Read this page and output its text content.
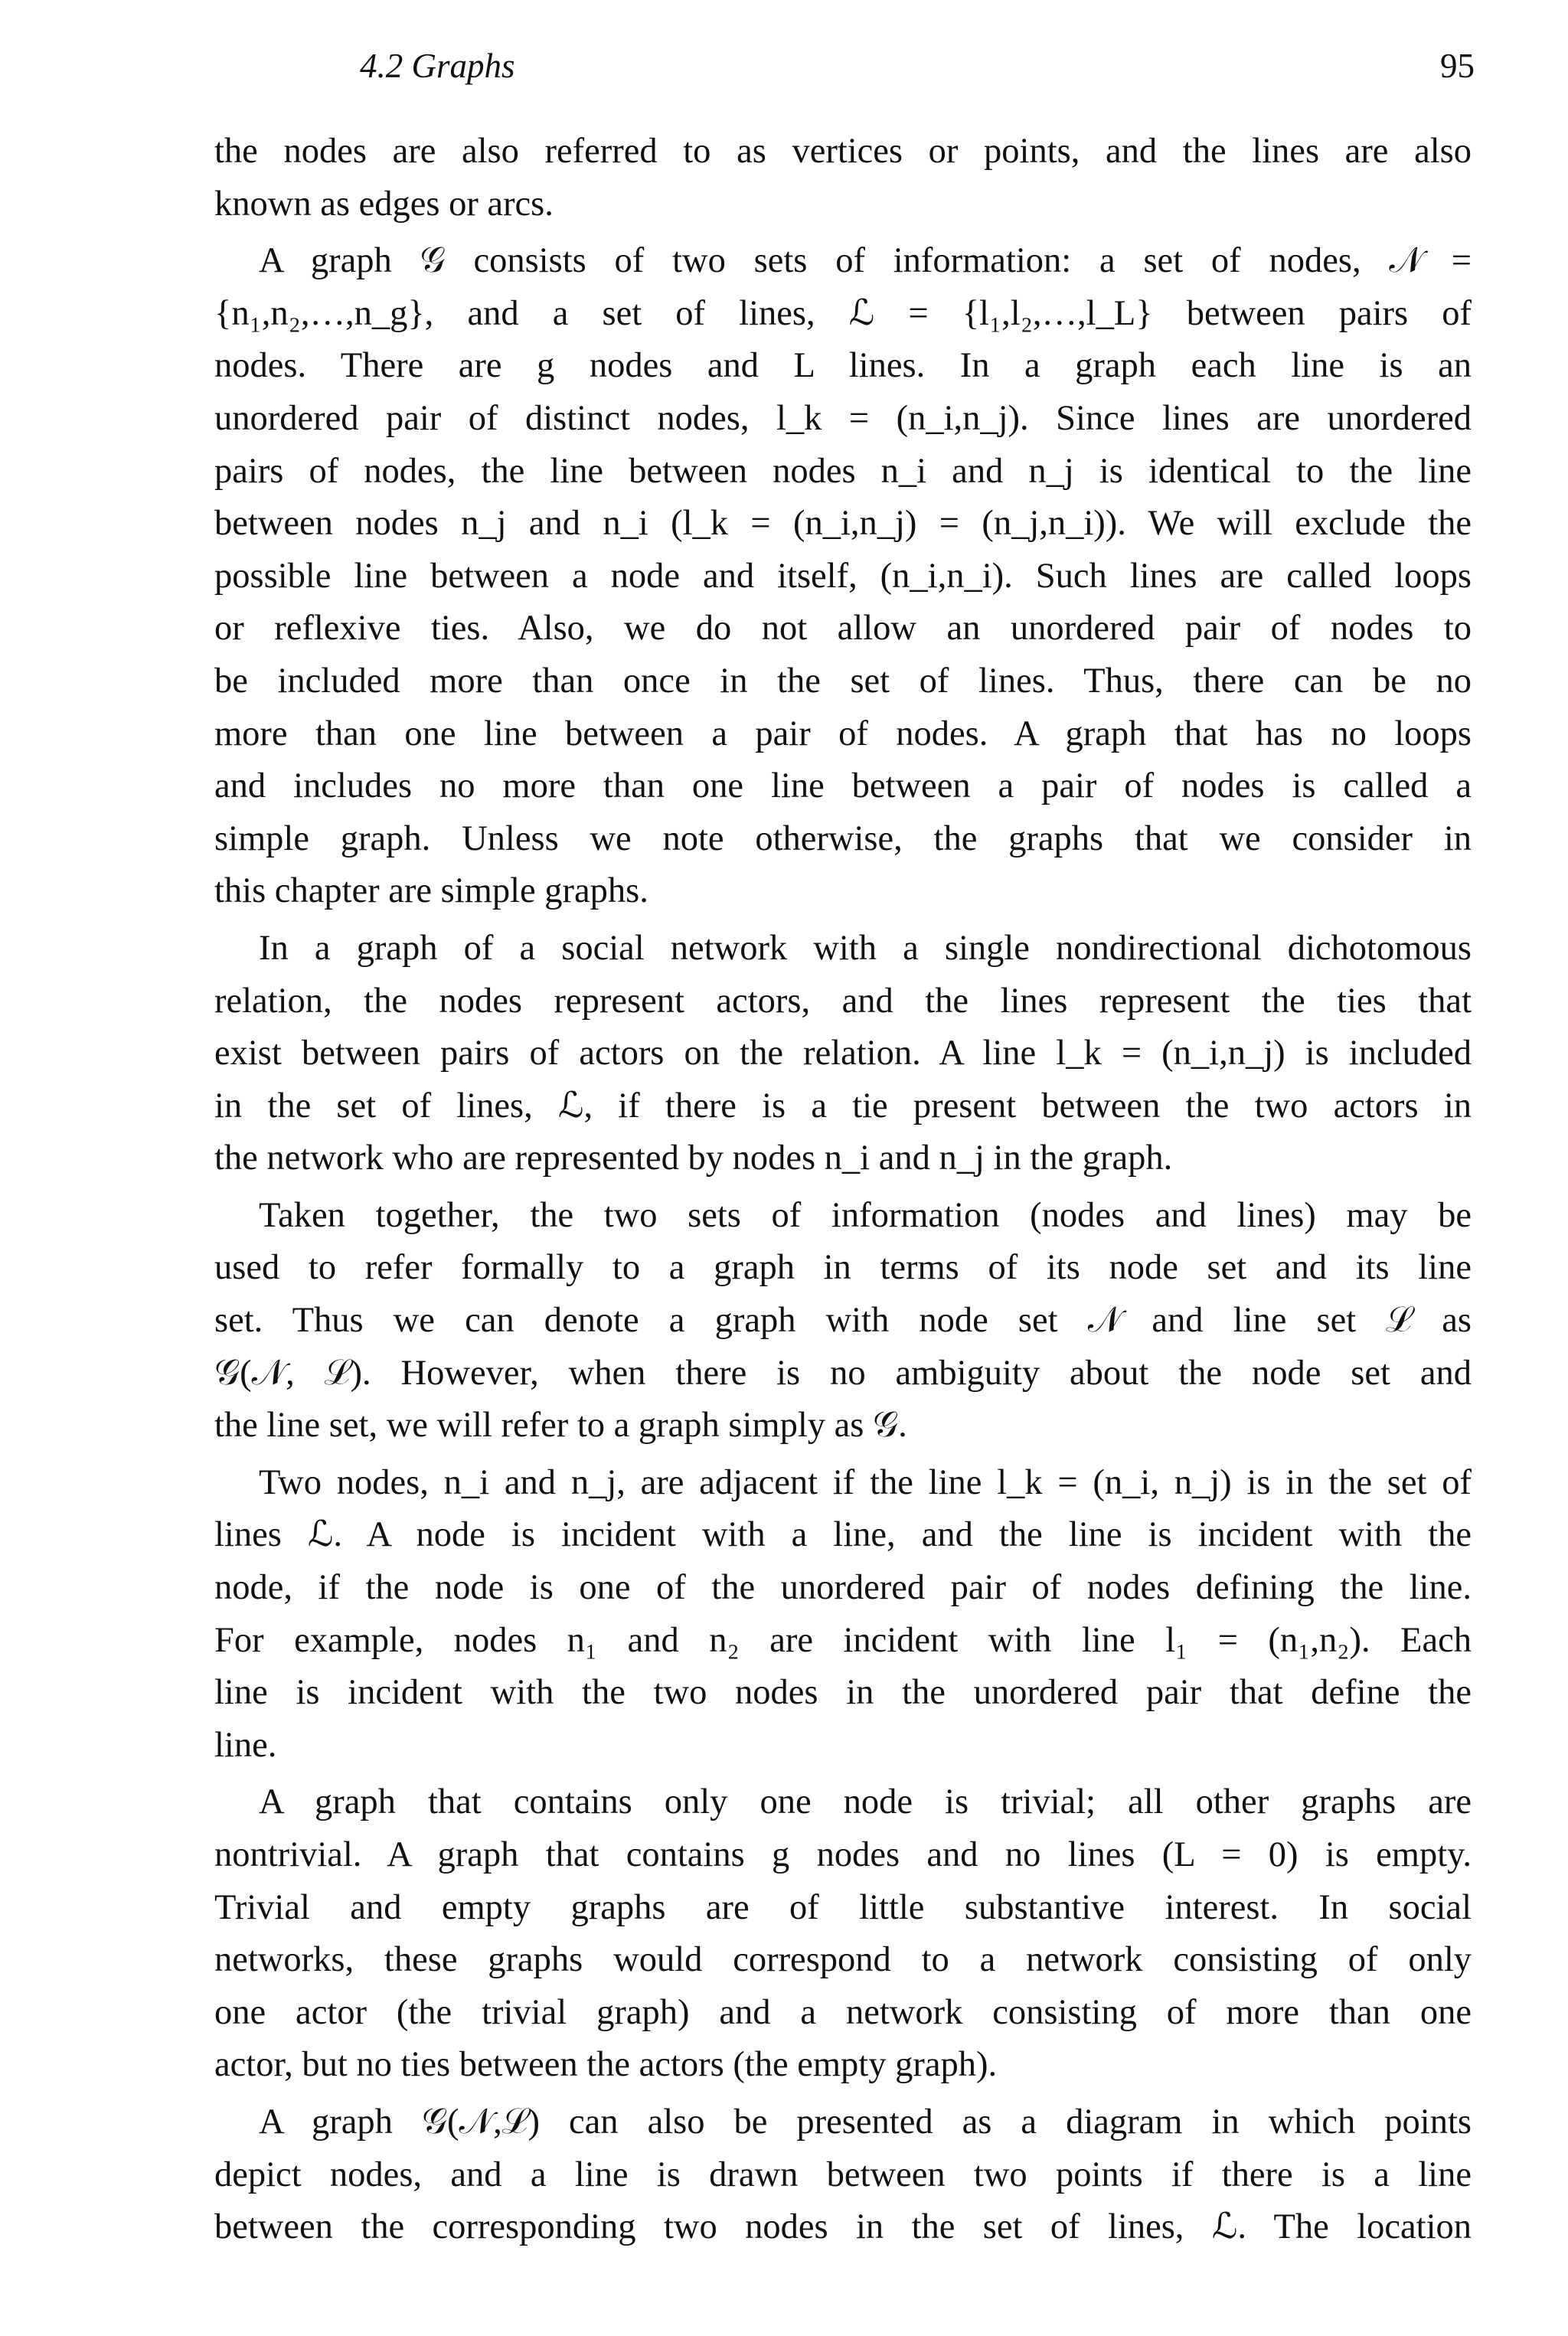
4.2 Graphs	95
the nodes are also referred to as vertices or points, and the lines are also
known as edges or arcs.
A graph 𝒢 consists of two sets of information: a set of nodes, 𝒩 =
{n₁,n₂,…,n_g}, and a set of lines, ℒ = {l₁,l₂,…,l_L} between pairs of
nodes. There are g nodes and L lines. In a graph each line is an
unordered pair of distinct nodes, l_k = (n_i,n_j). Since lines are unordered
pairs of nodes, the line between nodes n_i and n_j is identical to the line
between nodes n_j and n_i (l_k = (n_i,n_j) = (n_j,n_i)). We will exclude the
possible line between a node and itself, (n_i,n_i). Such lines are called loops
or reflexive ties. Also, we do not allow an unordered pair of nodes to
be included more than once in the set of lines. Thus, there can be no
more than one line between a pair of nodes. A graph that has no loops
and includes no more than one line between a pair of nodes is called a
simple graph. Unless we note otherwise, the graphs that we consider in
this chapter are simple graphs.
In a graph of a social network with a single nondirectional dichotomous
relation, the nodes represent actors, and the lines represent the ties that
exist between pairs of actors on the relation. A line l_k = (n_i,n_j) is included
in the set of lines, ℒ, if there is a tie present between the two actors in
the network who are represented by nodes n_i and n_j in the graph.
Taken together, the two sets of information (nodes and lines) may be
used to refer formally to a graph in terms of its node set and its line
set. Thus we can denote a graph with node set 𝒩 and line set ℒ as
𝒢(𝒩, ℒ). However, when there is no ambiguity about the node set and
the line set, we will refer to a graph simply as 𝒢.
Two nodes, n_i and n_j, are adjacent if the line l_k = (n_i, n_j) is in the set of
lines ℒ. A node is incident with a line, and the line is incident with the
node, if the node is one of the unordered pair of nodes defining the line.
For example, nodes n₁ and n₂ are incident with line l₁ = (n₁,n₂). Each
line is incident with the two nodes in the unordered pair that define the
line.
A graph that contains only one node is trivial; all other graphs are
nontrivial. A graph that contains g nodes and no lines (L = 0) is empty.
Trivial and empty graphs are of little substantive interest. In social
networks, these graphs would correspond to a network consisting of only
one actor (the trivial graph) and a network consisting of more than one
actor, but no ties between the actors (the empty graph).
A graph 𝒢(𝒩,ℒ) can also be presented as a diagram in which points
depict nodes, and a line is drawn between two points if there is a line
between the corresponding two nodes in the set of lines, ℒ. The location
